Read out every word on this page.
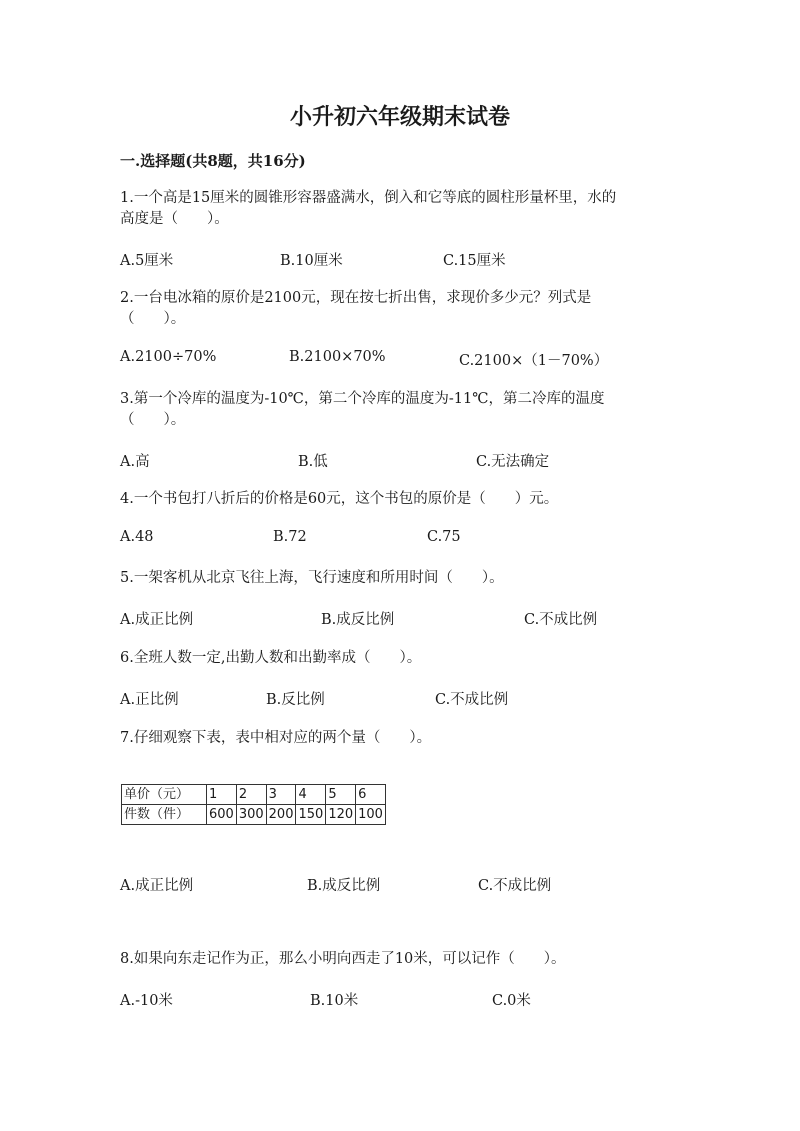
小升初六年级期末试卷
一.选择题(共8题，共16分)
1.一个高是15厘米的圆锥形容器盛满水，倒入和它等底的圆柱形量杯里，水的
高度是（　　）。
A.5厘米	B.10厘米	C.15厘米
2.一台电冰箱的原价是2100元，现在按七折出售，求现价多少元？列式是
（　　）。
A.2100÷70%	B.2100×70%	C.2100×（1－70%）
3.第一个冷库的温度为-10℃，第二个冷库的温度为-11℃，第二冷库的温度
（　　）。
A.高	B.低	C.无法确定
4.一个书包打八折后的价格是60元，这个书包的原价是（　　）元。
A.48	B.72	C.75
5.一架客机从北京飞往上海，飞行速度和所用时间（　　）。
A.成正比例	B.成反比例	C.不成比例
6.全班人数一定,出勤人数和出勤率成（　　）。
A.正比例	B.反比例	C.不成比例
7.仔细观察下表，表中相对应的两个量（　　）。
单价（元）	1	2	3	4	5	6
件数（件）	600	300	200	150	120	100
A.成正比例	B.成反比例	C.不成比例
8.如果向东走记作为正，那么小明向西走了10米，可以记作（　　）。
A.-10米	B.10米	C.0米
